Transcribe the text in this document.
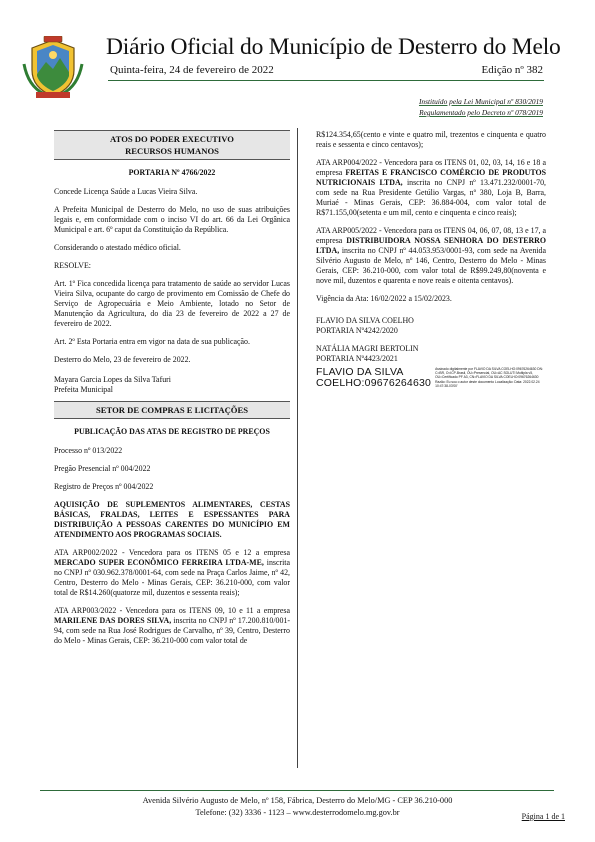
Diário Oficial do Município de Desterro do Melo
Quinta-feira, 24 de fevereiro de 2022	Edição nº 382
Instituído pela Lei Municipal nº 830/2019
Regulamentado pelo Decreto nº 078/2019
ATOS DO PODER EXECUTIVO
RECURSOS HUMANOS
PORTARIA Nº 4766/2022

Concede Licença Saúde a Lucas Vieira Silva.

A Prefeita Municipal de Desterro do Melo, no uso de suas atribuições legais e, em conformidade com o inciso VI do art. 66 da Lei Orgânica Municipal e art. 6º caput da Constituição da República.

Considerando o atestado médico oficial.

RESOLVE:

Art. 1º Fica concedida licença para tratamento de saúde ao servidor Lucas Vieira Silva, ocupante do cargo de provimento em Comissão de Chefe do Serviço de Agropecuária e Meio Ambiente, lotado no Setor de Manutenção da Agricultura, do dia 23 de fevereiro de 2022 a 27 de fevereiro de 2022.

Art. 2º Esta Portaria entra em vigor na data de sua publicação.

Desterro do Melo, 23 de fevereiro de 2022.

Mayara Garcia Lopes da Silva Tafuri

Prefeita Municipal

SETOR DE COMPRAS E LICITAÇÕES
PUBLICAÇÃO DAS ATAS DE REGISTRO DE PREÇOS

Processo nº 013/2022

Pregão Presencial nº 004/2022

Registro de Preços nº 004/2022

AQUISIÇÃO DE SUPLEMENTOS ALIMENTARES, CESTAS BÁSICAS, FRALDAS, LEITES E ESPESSANTES PARA DISTRIBUIÇÃO A PESSOAS CARENTES DO MUNICÍPIO EM ATENDIMENTO AOS PROGRAMAS SOCIAIS.

ATA ARP002/2022 - Vencedora para os ITENS 05 e 12 a empresa MERCADO SUPER ECONÔMICO FERREIRA LTDA-ME, inscrita no CNPJ nº 030.962.378/0001-64, com sede na Praça Carlos Jaime, nº 42, Centro, Desterro do Melo - Minas Gerais, CEP: 36.210-000, com valor total de R$14.260(quatorze mil, duzentos e sessenta reais);

ATA ARP003/2022 - Vencedora para os ITENS 09, 10 e 11 a empresa MARILENE DAS DORES SILVA, inscrita no CNPJ nº 17.200.810/001-94, com sede na Rua José Rodrigues de Carvalho, nº 39, Centro, Desterro do Melo - Minas Gerais, CEP: 36.210-000 com valor total de

R$124.354,65(cento e vinte e quatro mil, trezentos e cinquenta e quatro reais e sessenta e cinco centavos);

ATA ARP004/2022 - Vencedora para os ITENS 01, 02, 03, 14, 16 e 18 a empresa FREITAS E FRANCISCO COMÉRCIO DE PRODUTOS NUTRICIONAIS LTDA, inscrita no CNPJ nº 13.471.232/0001-70, com sede na Rua Presidente Getúlio Vargas, nº 380, Loja B, Barra, Muriaé - Minas Gerais, CEP: 36.884-004, com valor total de R$71.155,00(setenta e um mil, cento e cinquenta e cinco reais);

ATA ARP005/2022 - Vencedora para os ITENS 04, 06, 07, 08, 13 e 17, a empresa DISTRIBUIDORA NOSSA SENHORA DO DESTERRO LTDA, inscrita no CNPJ nº 44.053.953/0001-93, com sede na Avenida Silvério Augusto de Melo, nº 146, Centro, Desterro do Melo - Minas Gerais, CEP: 36.210-000, com valor total de R$99.249,80(noventa e nove mil, duzentos e quarenta e nove reais e oitenta centavos).

Vigência da Ata: 16/02/2022 a 15/02/2023.

FLAVIO DA SILVA COELHO

PORTARIA Nº4242/2020

NATÁLIA MAGRI BERTOLIN

PORTARIA Nº4423/2021

FLAVIO DA SILVA
COELHO:09676264630
Assinado digitalmente por FLAVIO DA SILVA COELHO:09676264630 DN: C=BR, O=ICP-Brasil, OU=Presencial, OU=AC SOLUTI Multipla v5, OU=Certificado PF A3, CN=FLAVIO DA SILVA COELHO:09676264630 Razão: Eu sou o autor deste documento Localização: Data: 2022.02.24 10:47:38-03'00'
Avenida Silvério Augusto de Melo, nº 158, Fábrica, Desterro do Melo/MG - CEP 36.210-000
Telefone: (32) 3336 - 1123 – www.desterrodomelo.mg.gov.br	Página 1 de 1
